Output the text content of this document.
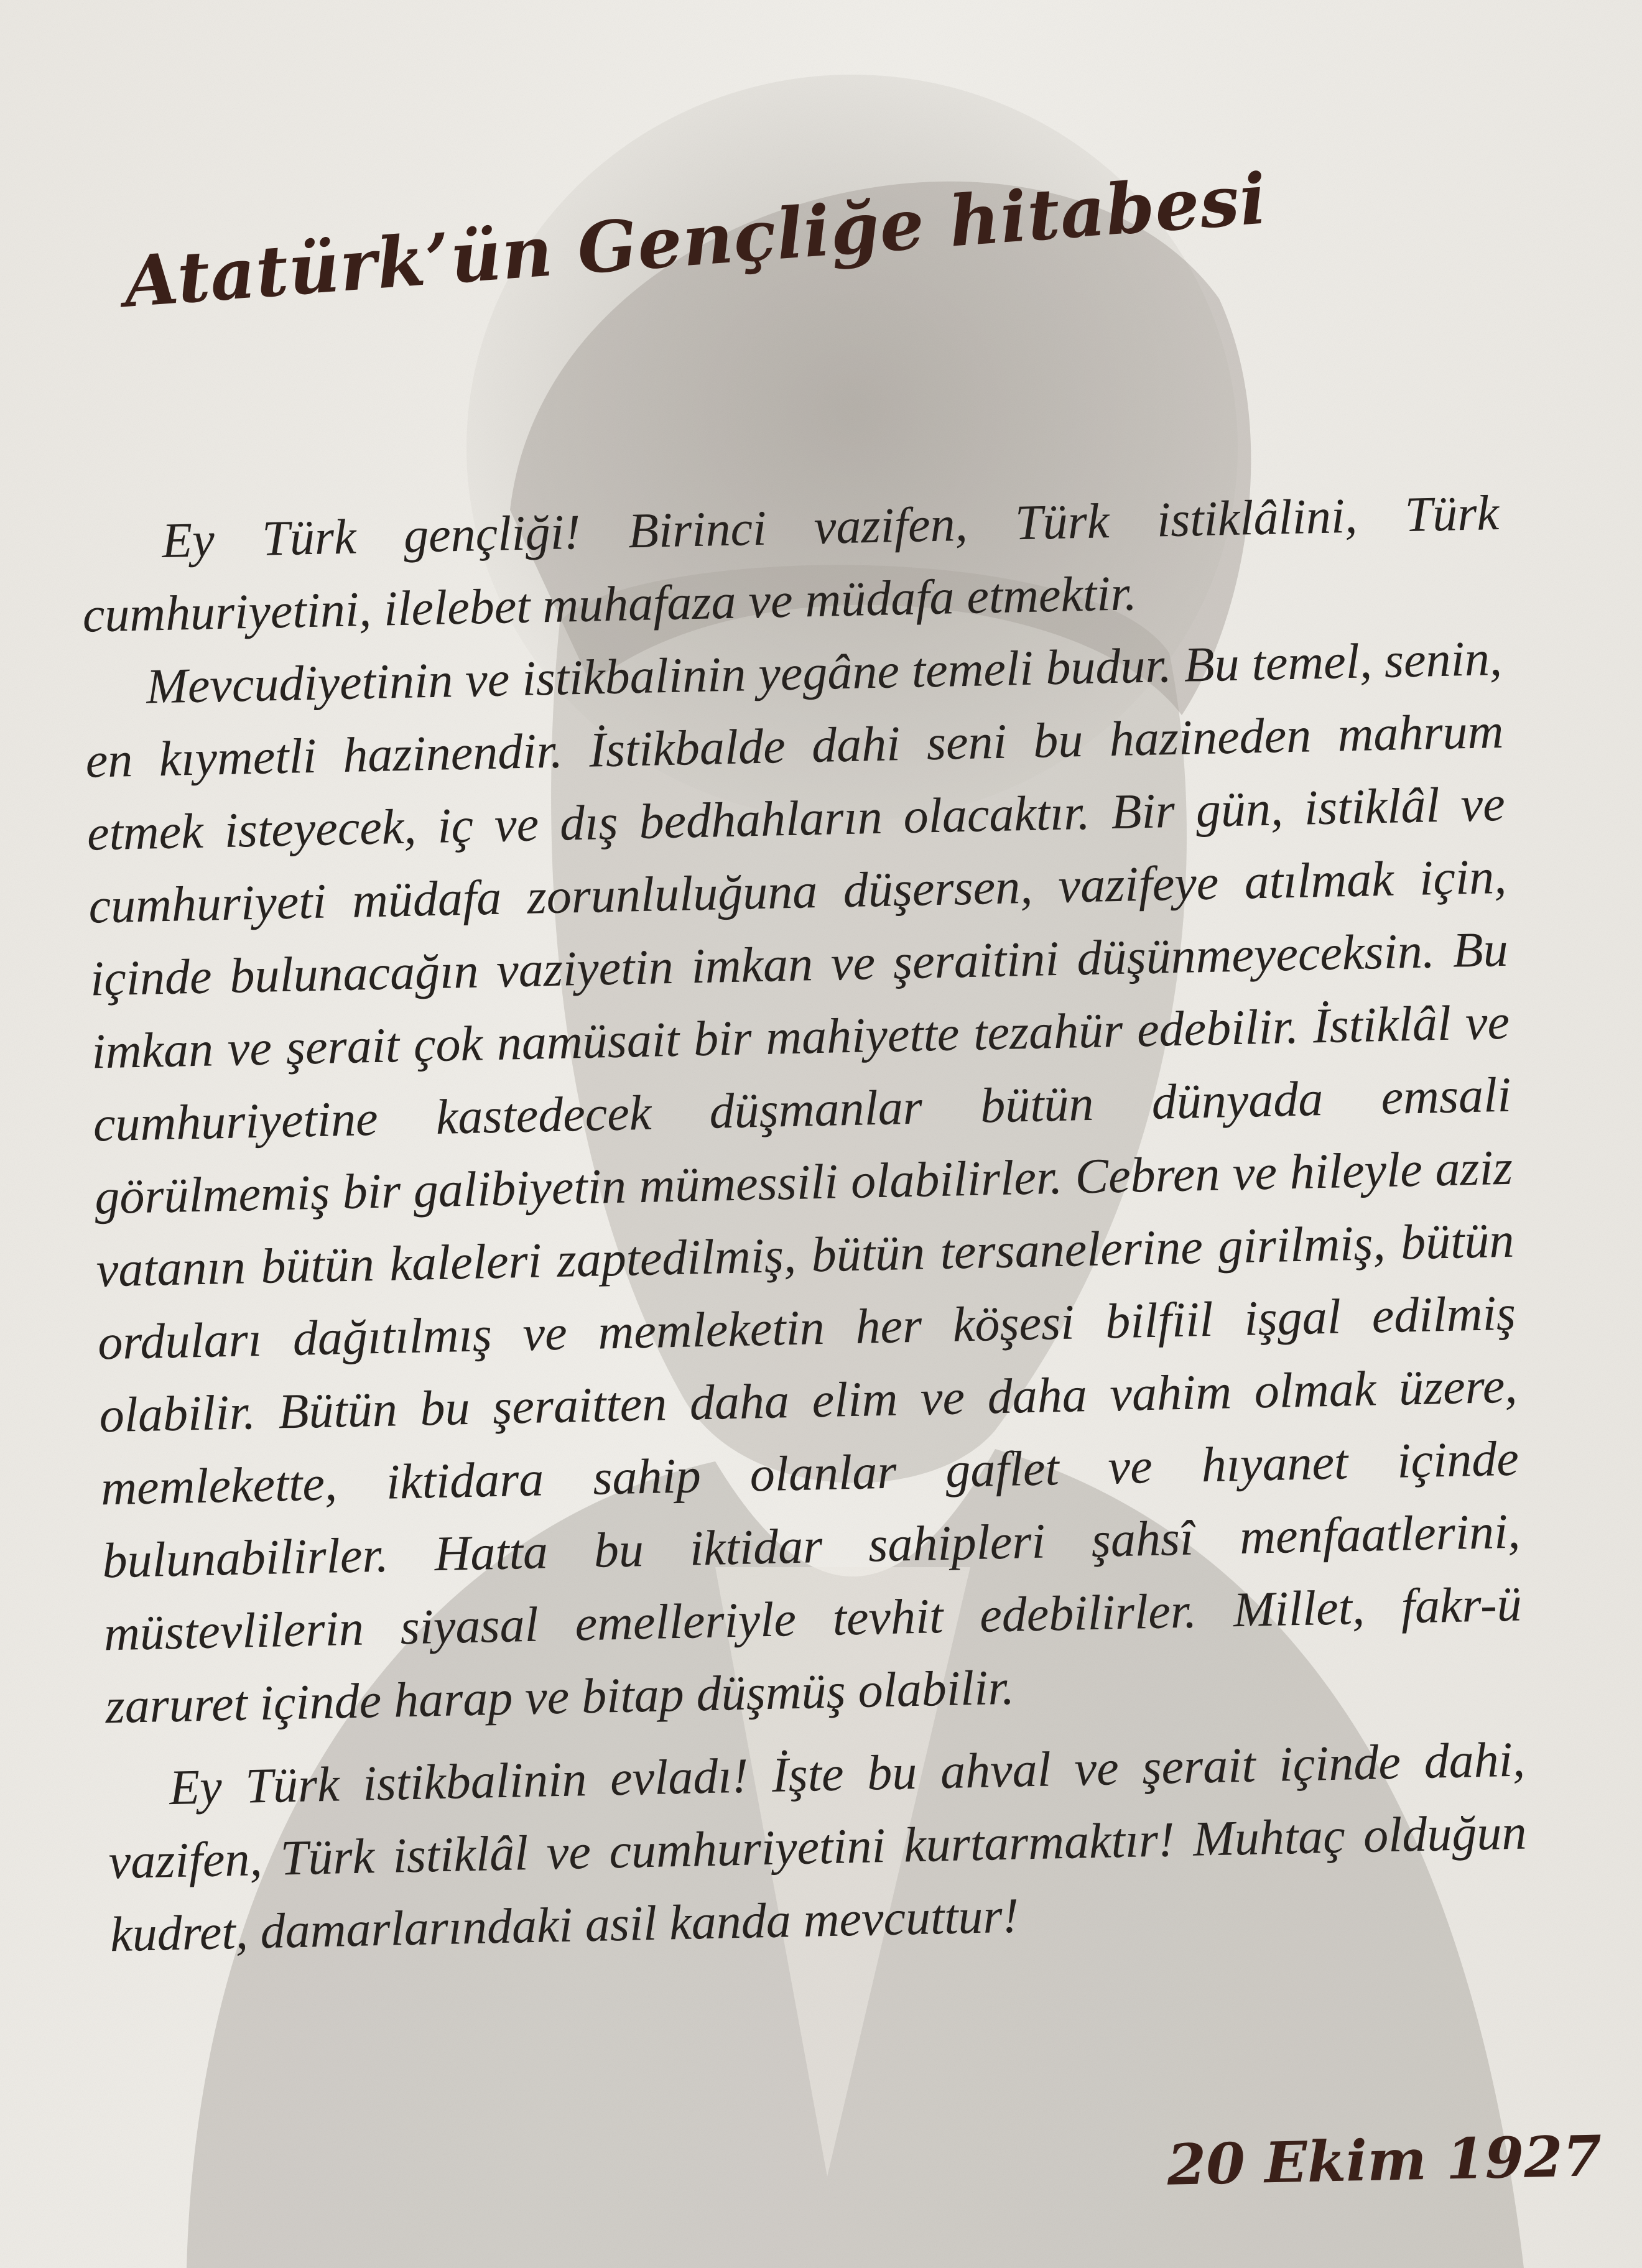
Atatürk’ün Gençliğe hitabesi

Ey Türk gençliği! Birinci vazifen, Türk istiklâlini, Türk cumhuriyetini, ilelebet muhafaza ve müdafa etmektir.

Mevcudiyetinin ve istikbalinin yegâne temeli budur. Bu temel, senin, en kıymetli hazinendir. İstikbalde dahi seni bu hazineden mahrum etmek isteyecek, iç ve dış bedhahların olacaktır. Bir gün, istiklâl ve cumhuriyeti müdafa zorunluluğuna düşersen, vazifeye atılmak için, içinde bulunacağın vaziyetin imkan ve şeraitini düşünmeyeceksin. Bu imkan ve şerait çok namüsait bir mahiyette tezahür edebilir. İstiklâl ve cumhuriyetine kastedecek düşmanlar bütün dünyada emsali görülmemiş bir galibiyetin mümessili olabilirler. Cebren ve hileyle aziz vatanın bütün kaleleri zaptedilmiş, bütün tersanelerine girilmiş, bütün orduları dağıtılmış ve memleketin her köşesi bilfiil işgal edilmiş olabilir. Bütün bu şeraitten daha elim ve daha vahim olmak üzere, memlekette, iktidara sahip olanlar gaflet ve hıyanet içinde bulunabilirler. Hatta bu iktidar sahipleri şahsî menfaatlerini, müstevlilerin siyasal emelleriyle tevhit edebilirler. Millet, fakr-ü zaruret içinde harap ve bitap düşmüş olabilir.

Ey Türk istikbalinin evladı! İşte bu ahval ve şerait içinde dahi, vazifen, Türk istiklâl ve cumhuriyetini kurtarmaktır! Muhtaç olduğun kudret, damarlarındaki asil kanda mevcuttur!

20 Ekim 1927
